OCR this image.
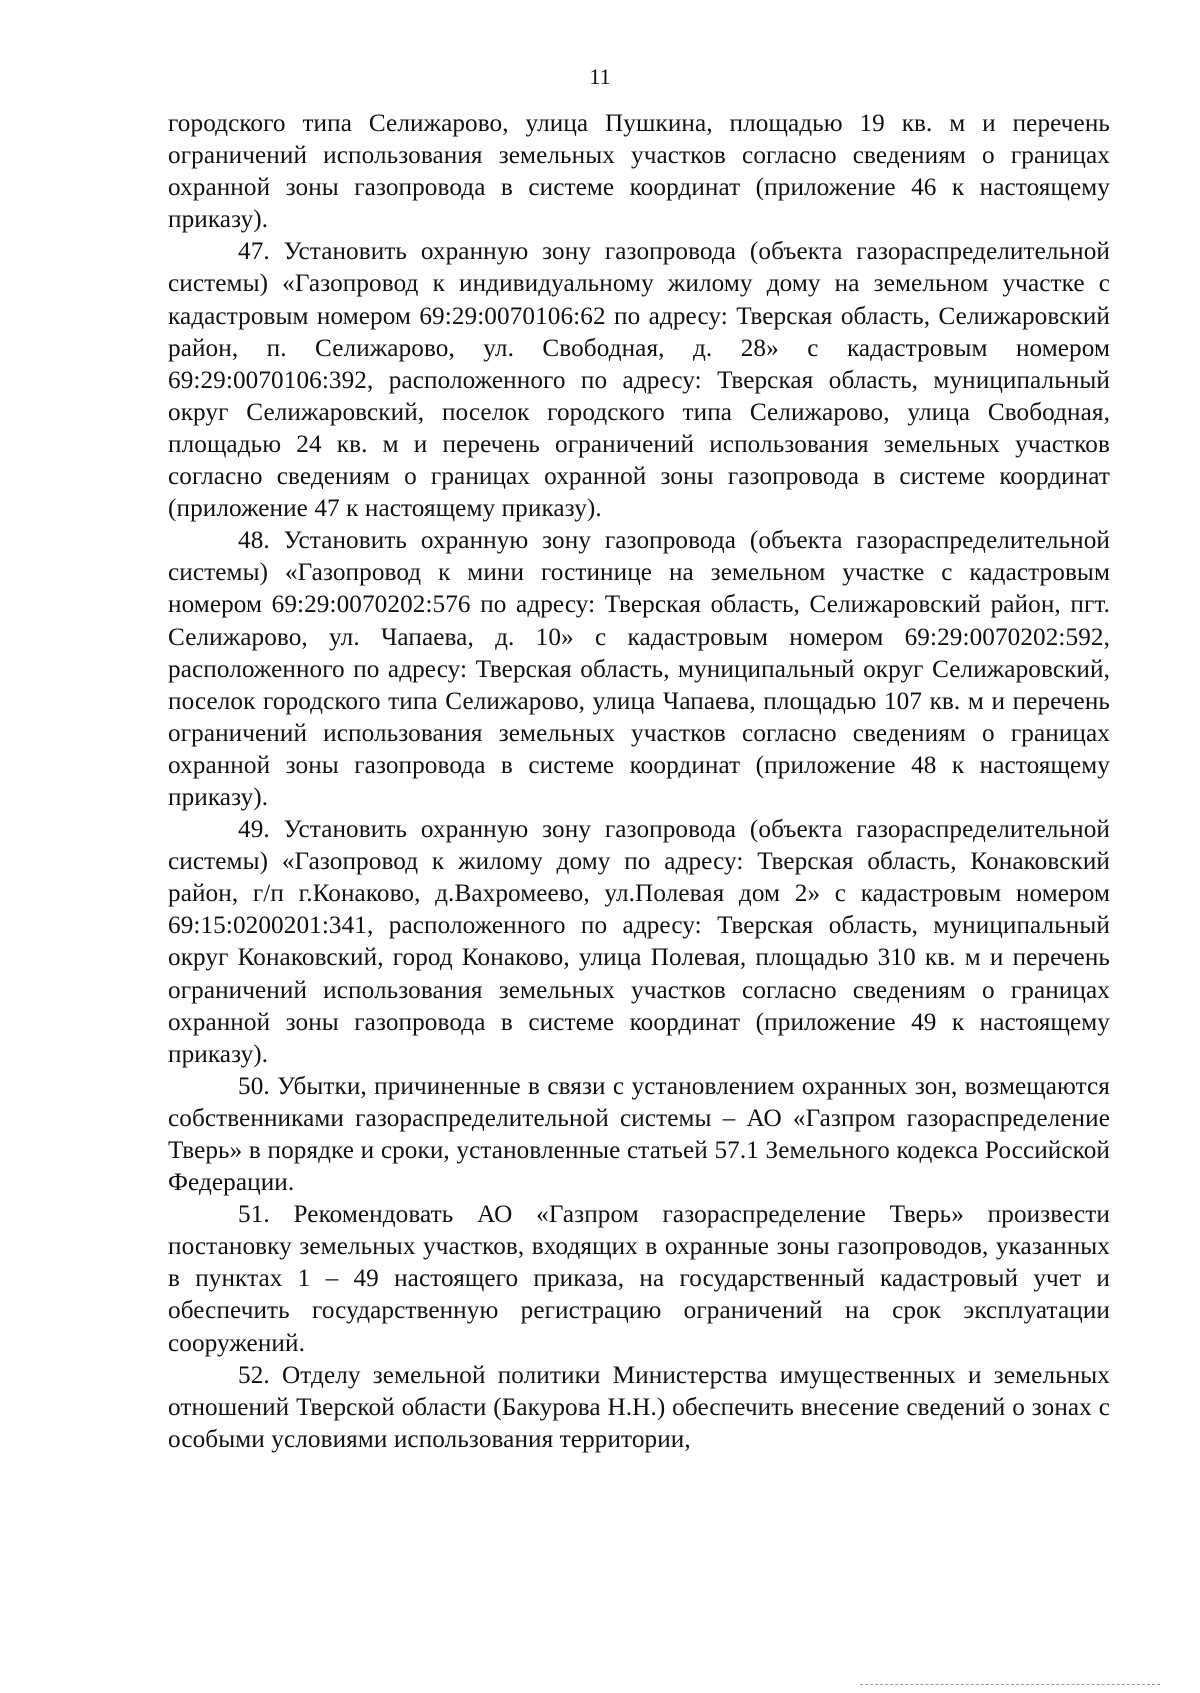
11

городского типа Селижарово, улица Пушкина, площадью 19 кв. м и перечень ограничений использования земельных участков согласно сведениям о границах охранной зоны газопровода в системе координат (приложение 46 к настоящему приказу).

47. Установить охранную зону газопровода (объекта газораспределительной системы) «Газопровод к индивидуальному жилому дому на земельном участке с кадастровым номером 69:29:0070106:62 по адресу: Тверская область, Селижаровский район, п. Селижарово, ул. Свободная, д. 28» с кадастровым номером 69:29:0070106:392, расположенного по адресу: Тверская область, муниципальный округ Селижаровский, поселок городского типа Селижарово, улица Свободная, площадью 24 кв. м и перечень ограничений использования земельных участков согласно сведениям о границах охранной зоны газопровода в системе координат (приложение 47 к настоящему приказу).

48. Установить охранную зону газопровода (объекта газораспределительной системы) «Газопровод к мини гостинице на земельном участке с кадастровым номером 69:29:0070202:576 по адресу: Тверская область, Селижаровский район, пгт. Селижарово, ул. Чапаева, д. 10» с кадастровым номером 69:29:0070202:592, расположенного по адресу: Тверская область, муниципальный округ Селижаровский, поселок городского типа Селижарово, улица Чапаева, площадью 107 кв. м и перечень ограничений использования земельных участков согласно сведениям о границах охранной зоны газопровода в системе координат (приложение 48 к настоящему приказу).

49. Установить охранную зону газопровода (объекта газораспределительной системы) «Газопровод к жилому дому по адресу: Тверская область, Конаковский район, г/п г.Конаково, д.Вахромеево, ул.Полевая дом 2» с кадастровым номером 69:15:0200201:341, расположенного по адресу: Тверская область, муниципальный округ Конаковский, город Конаково, улица Полевая, площадью 310 кв. м и перечень ограничений использования земельных участков согласно сведениям о границах охранной зоны газопровода в системе координат (приложение 49 к настоящему приказу).

50. Убытки, причиненные в связи с установлением охранных зон, возмещаются собственниками газораспределительной системы – АО «Газпром газораспределение Тверь» в порядке и сроки, установленные статьей 57.1 Земельного кодекса Российской Федерации.

51. Рекомендовать АО «Газпром газораспределение Тверь» произвести постановку земельных участков, входящих в охранные зоны газопроводов, указанных в пунктах 1 – 49 настоящего приказа, на государственный кадастровый учет и обеспечить государственную регистрацию ограничений на срок эксплуатации сооружений.

52. Отделу земельной политики Министерства имущественных и земельных отношений Тверской области (Бакурова Н.Н.) обеспечить внесение сведений о зонах с особыми условиями использования территории,
